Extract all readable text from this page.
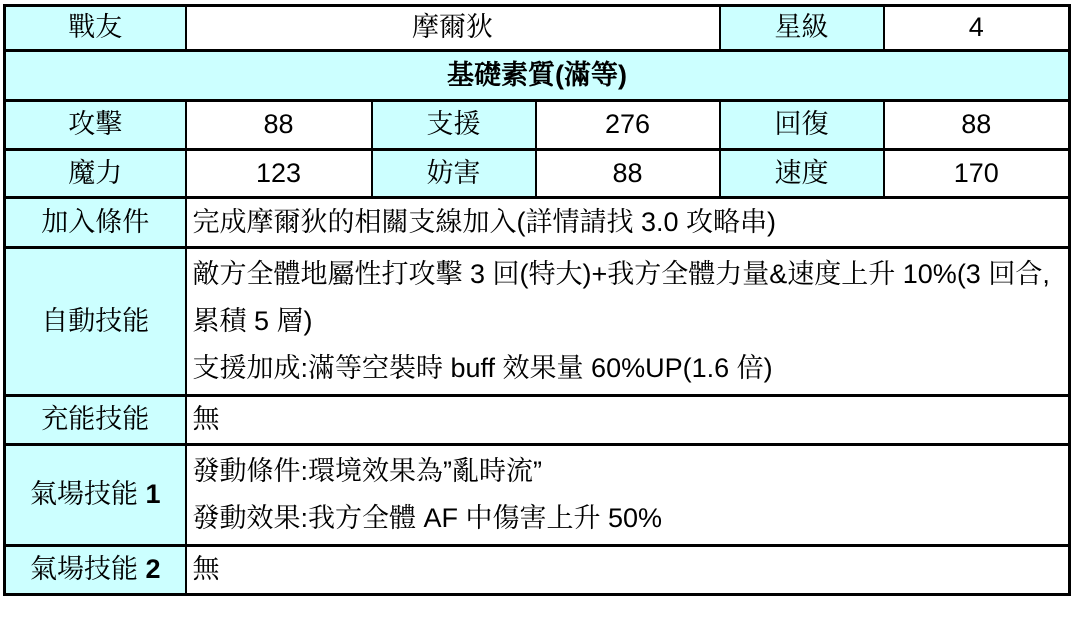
戰友	摩爾狄			星級	4
基礎素質(滿等)					
攻擊	88	支援	276	回復	88
魔力	123	妨害	88	速度	170
加入條件	完成摩爾狄的相關支線加入(詳情請找 3.0 攻略串)				
自動技能	敵方全體地屬性打攻擊 3 回(特大)+我方全體力量&速度上升 10%(3 回合,累積 5 層)
支援加成:滿等空裝時 buff 效果量 60%UP(1.6 倍)				

充能技能	無				
氣場技能 1	發動條件:環境效果為”亂時流”
發動效果:我方全體 AF 中傷害上升 50%				

氣場技能 2	無				
